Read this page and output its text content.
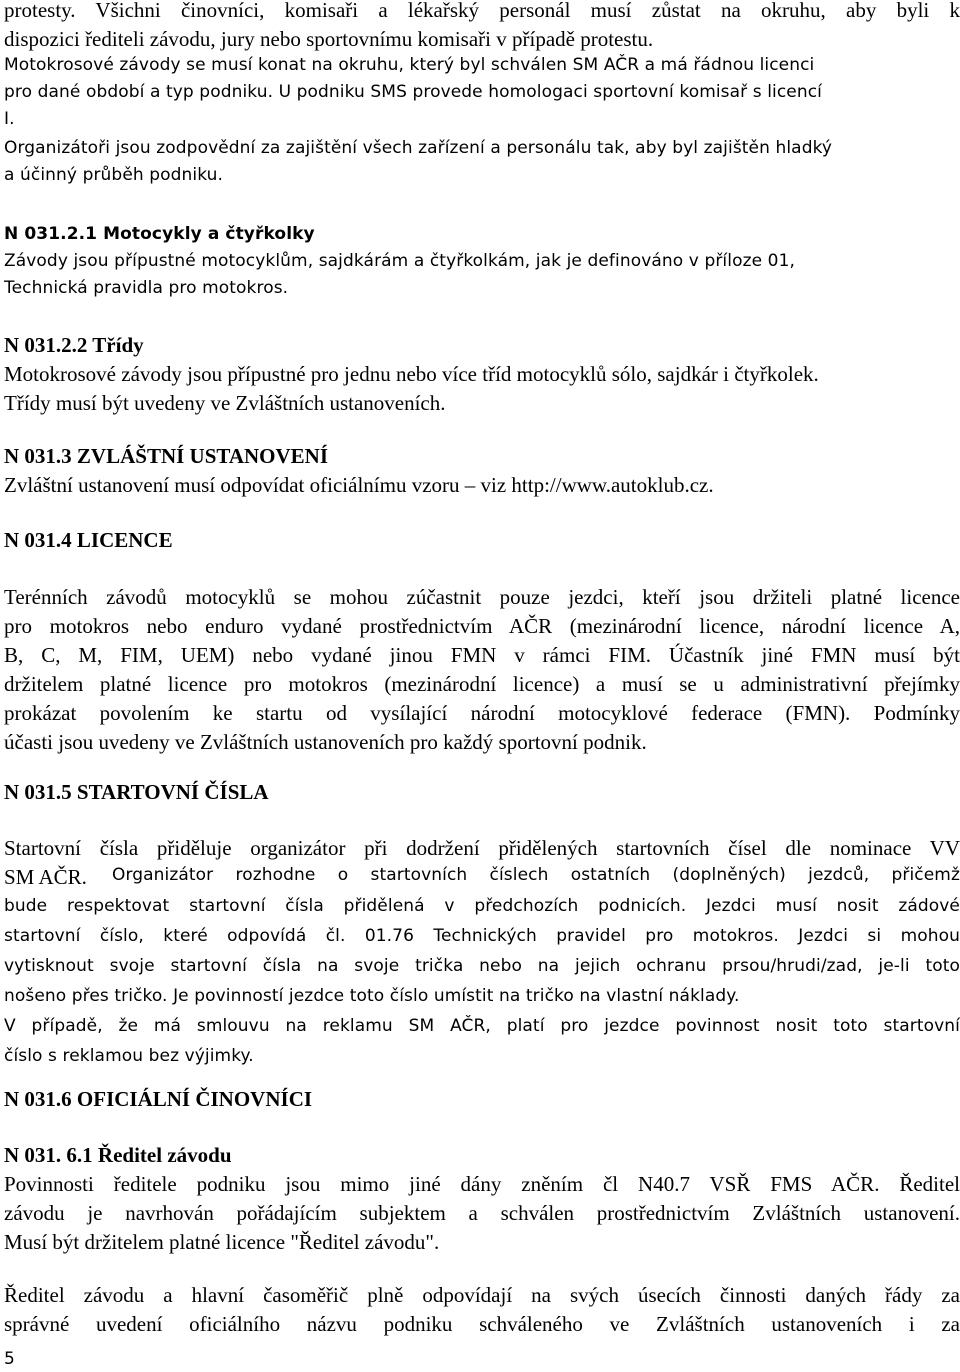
protesty. Všichni činovníci, komisaři a lékařský personál musí zůstat na okruhu, aby byli k
dispozici řediteli závodu, jury nebo sportovnímu komisaři v případě protestu.
Motokrosové závody se musí konat na okruhu, který byl schválen SM AČR a má řádnou licenci
pro dané období a typ podniku. U podniku SMS provede homologaci sportovní komisař s licencí
I.
Organizátoři jsou zodpovědní za zajištění všech zařízení a personálu tak, aby byl zajištěn hladký
a účinný průběh podniku.
N 031.2.1 Motocykly a čtyřkolky
Závody jsou přípustné motocyklům, sajdkárám a čtyřkolkám, jak je definováno v příloze 01,
Technická pravidla pro motokros.
N 031.2.2 Třídy
Motokrosové závody jsou přípustné pro jednu nebo více tříd motocyklů sólo, sajdkár i čtyřkolek.
Třídy musí být uvedeny ve Zvláštních ustanoveních.
N 031.3 ZVLÁŠTNÍ USTANOVENÍ
Zvláštní ustanovení musí odpovídat oficiálnímu vzoru – viz http://www.autoklub.cz.
N 031.4 LICENCE
Terénních závodů motocyklů se mohou zúčastnit pouze jezdci, kteří jsou držiteli platné licence
pro motokros nebo enduro vydané prostřednictvím AČR (mezinárodní licence, národní licence A,
B, C, M, FIM, UEM) nebo vydané jinou FMN v rámci FIM. Účastník jiné FMN musí být
držitelem platné licence pro motokros (mezinárodní licence) a musí se u administrativní přejímky
prokázat povolením ke startu od vysílající národní motocyklové federace (FMN). Podmínky
účasti jsou uvedeny ve Zvláštních ustanoveních pro každý sportovní podnik.
N 031.5 STARTOVNÍ ČÍSLA
Startovní čísla přiděluje organizátor při dodržení přidělených startovních čísel dle nominace VV
SM AČR.	Organizátor rozhodne o startovních číslech ostatních (doplněných) jezdců, přičemž
bude respektovat startovní čísla přidělená v předchozích podnicích. Jezdci musí nosit zádové
startovní číslo, které odpovídá čl. 01.76 Technických pravidel pro motokros. Jezdci si mohou
vytisknout svoje startovní čísla na svoje trička nebo na jejich ochranu prsou/hrudi/zad, je-li toto
nošeno přes tričko. Je povinností jezdce toto číslo umístit na tričko na vlastní náklady.
V případě, že má smlouvu na reklamu SM AČR, platí pro jezdce povinnost nosit toto startovní
číslo s reklamou bez výjimky.
N 031.6 OFICIÁLNÍ ČINOVNÍCI
N 031. 6.1 Ředitel závodu
Povinnosti ředitele podniku jsou mimo jiné dány zněním čl N40.7 VSŘ FMS AČR. Ředitel
závodu je navrhován pořádajícím subjektem a schválen prostřednictvím Zvláštních ustanovení.
Musí být držitelem platné licence "Ředitel závodu".
Ředitel závodu a hlavní časoměřič plně odpovídají na svých úsecích činnosti daných řády za
správné uvedení oficiálního názvu podniku schváleného ve Zvláštních ustanoveních i za
5
